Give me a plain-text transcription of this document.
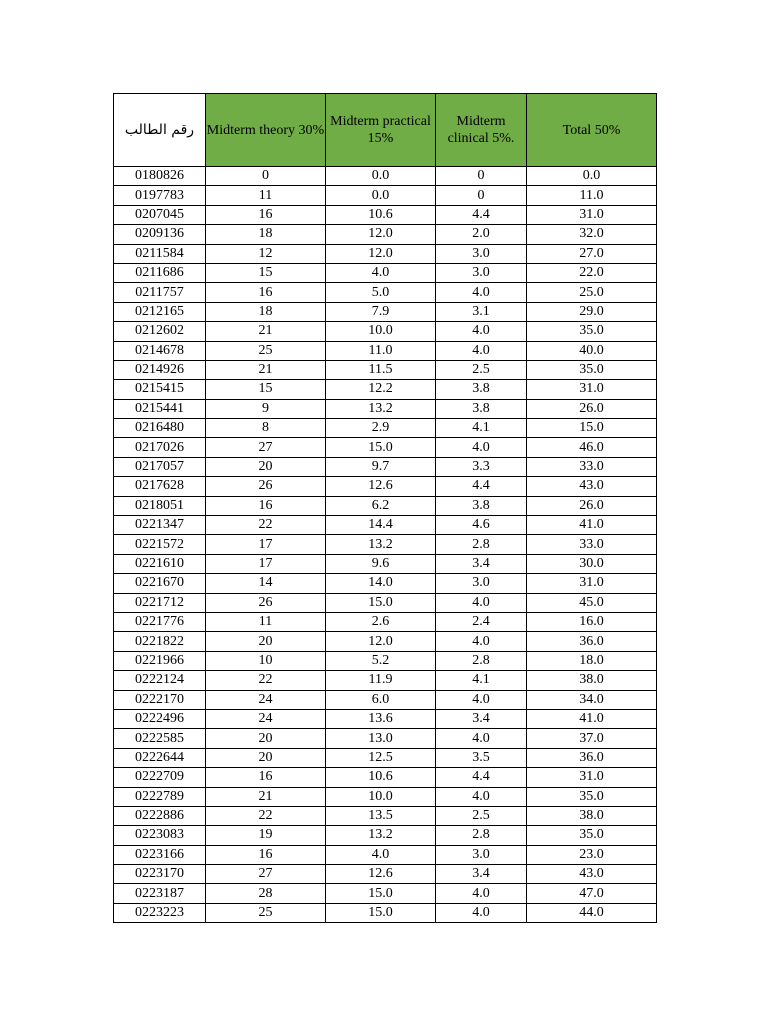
رقم الطالب	Midterm theory 30%	Midterm practical 15%	Midterm clinical 5%.	Total 50%
0180826	0	0.0	0	0.0
0197783	11	0.0	0	11.0
0207045	16	10.6	4.4	31.0
0209136	18	12.0	2.0	32.0
0211584	12	12.0	3.0	27.0
0211686	15	4.0	3.0	22.0
0211757	16	5.0	4.0	25.0
0212165	18	7.9	3.1	29.0
0212602	21	10.0	4.0	35.0
0214678	25	11.0	4.0	40.0
0214926	21	11.5	2.5	35.0
0215415	15	12.2	3.8	31.0
0215441	9	13.2	3.8	26.0
0216480	8	2.9	4.1	15.0
0217026	27	15.0	4.0	46.0
0217057	20	9.7	3.3	33.0
0217628	26	12.6	4.4	43.0
0218051	16	6.2	3.8	26.0
0221347	22	14.4	4.6	41.0
0221572	17	13.2	2.8	33.0
0221610	17	9.6	3.4	30.0
0221670	14	14.0	3.0	31.0
0221712	26	15.0	4.0	45.0
0221776	11	2.6	2.4	16.0
0221822	20	12.0	4.0	36.0
0221966	10	5.2	2.8	18.0
0222124	22	11.9	4.1	38.0
0222170	24	6.0	4.0	34.0
0222496	24	13.6	3.4	41.0
0222585	20	13.0	4.0	37.0
0222644	20	12.5	3.5	36.0
0222709	16	10.6	4.4	31.0
0222789	21	10.0	4.0	35.0
0222886	22	13.5	2.5	38.0
0223083	19	13.2	2.8	35.0
0223166	16	4.0	3.0	23.0
0223170	27	12.6	3.4	43.0
0223187	28	15.0	4.0	47.0
0223223	25	15.0	4.0	44.0
